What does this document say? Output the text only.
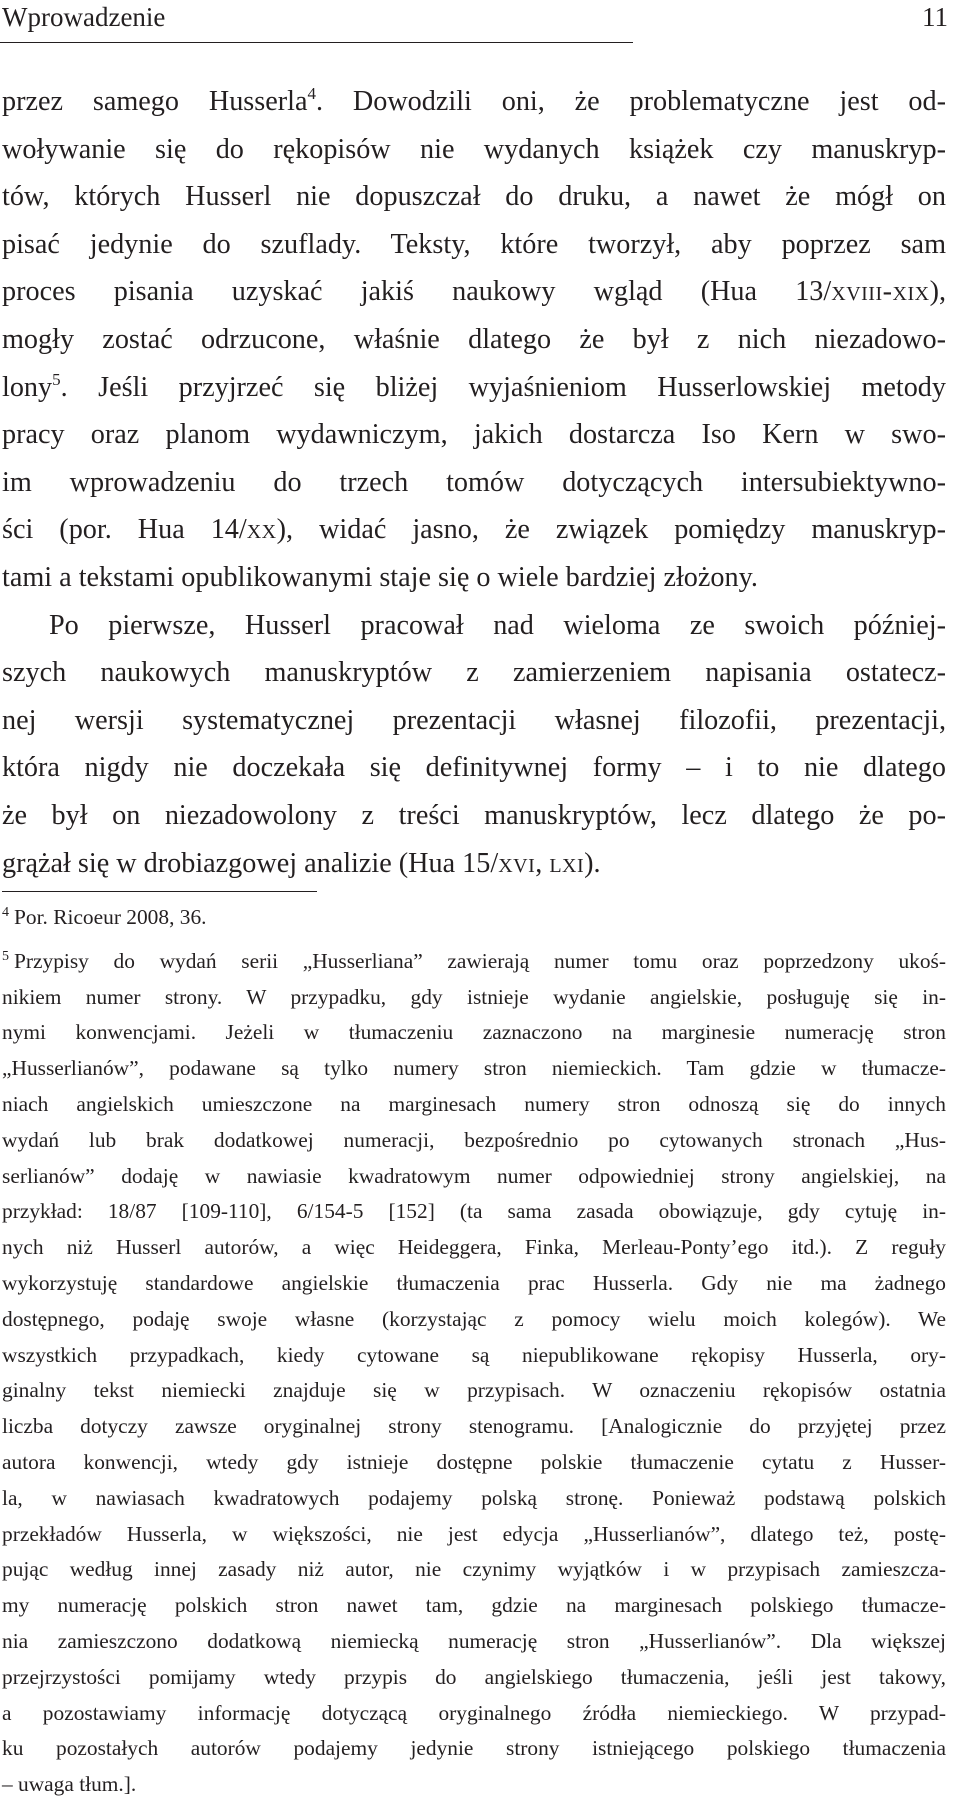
Wprowadzenie	11
przez samego Husserla$^4$. Dowodzili oni, że problematyczne jest od-
woływanie się do rękopisów nie wydanych książek czy manuskryp-
tów, których Husserl nie dopuszczał do druku, a nawet że mógł on
pisać jedynie do szuflady. Teksty, które tworzył, aby poprzez sam
proces pisania uzyskać jakiś naukowy wgląd (Hua 13/xviii-xix),
mogły zostać odrzucone, właśnie dlatego że był z nich niezadowo-
lony$^5$. Jeśli przyjrzeć się bliżej wyjaśnieniom Husserlowskiej metody
pracy oraz planom wydawniczym, jakich dostarcza Iso Kern w swo-
im wprowadzeniu do trzech tomów dotyczących intersubiektywno-
ści (por. Hua 14/xx), widać jasno, że związek pomiędzy manuskryp-
tami a tekstami opublikowanymi staje się o wiele bardziej złożony.
Po pierwsze, Husserl pracował nad wieloma ze swoich później-
szych naukowych manuskryptów z zamierzeniem napisania ostatecz-
nej wersji systematycznej prezentacji własnej filozofii, prezentacji,
która nigdy nie doczekała się definitywnej formy – i to nie dlatego
że był on niezadowolony z treści manuskryptów, lecz dlatego że po-
grążał się w drobiazgowej analizie (Hua 15/xvi, lxi).
$^4$ Por. Ricoeur 2008, 36.
$^5$ Przypisy do wydań serii „Husserliana” zawierają numer tomu oraz poprzedzony ukoś-
nikiem numer strony. W przypadku, gdy istnieje wydanie angielskie, posługuję się in-
nymi konwencjami. Jeżeli w tłumaczeniu zaznaczono na marginesie numerację stron
„Husserlianów”, podawane są tylko numery stron niemieckich. Tam gdzie w tłumacze-
niach angielskich umieszczone na marginesach numery stron odnoszą się do innych
wydań lub brak dodatkowej numeracji, bezpośrednio po cytowanych stronach „Hus-
serlianów” dodaję w nawiasie kwadratowym numer odpowiedniej strony angielskiej, na
przykład: 18/87 [109-110], 6/154-5 [152] (ta sama zasada obowiązuje, gdy cytuję in-
nych niż Husserl autorów, a więc Heideggera, Finka, Merleau-Ponty’ego itd.). Z reguły
wykorzystuję standardowe angielskie tłumaczenia prac Husserla. Gdy nie ma żadnego
dostępnego, podaję swoje własne (korzystając z pomocy wielu moich kolegów). We
wszystkich przypadkach, kiedy cytowane są niepublikowane rękopisy Husserla, ory-
ginalny tekst niemiecki znajduje się w przypisach. W oznaczeniu rękopisów ostatnia
liczba dotyczy zawsze oryginalnej strony stenogramu. [Analogicznie do przyjętej przez
autora konwencji, wtedy gdy istnieje dostępne polskie tłumaczenie cytatu z Husser-
la, w nawiasach kwadratowych podajemy polską stronę. Ponieważ podstawą polskich
przekładów Husserla, w większości, nie jest edycja „Husserlianów”, dlatego też, postę-
pując według innej zasady niż autor, nie czynimy wyjątków i w przypisach zamieszcza-
my numerację polskich stron nawet tam, gdzie na marginesach polskiego tłumacze-
nia zamieszczono dodatkową niemiecką numerację stron „Husserlianów”. Dla większej
przejrzystości pomijamy wtedy przypis do angielskiego tłumaczenia, jeśli jest takowy,
a pozostawiamy informację dotyczącą oryginalnego źródła niemieckiego. W przypad-
ku pozostałych autorów podajemy jedynie strony istniejącego polskiego tłumaczenia
– uwaga tłum.].
